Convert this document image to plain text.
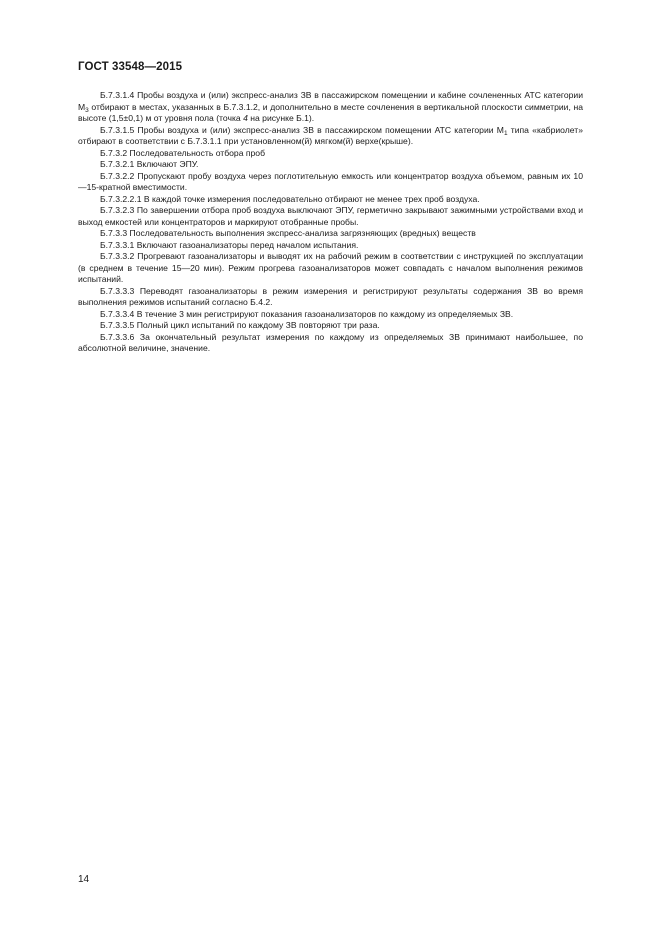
ГОСТ 33548—2015

Б.7.3.1.4 Пробы воздуха и (или) экспресс-анализ ЗВ в пассажирском помещении и кабине сочлененных АТС категории $М_3$ отбирают в местах, указанных в Б.7.3.1.2, и дополнительно в месте сочленения в вертикальной плоскости симметрии, на высоте (1,5±0,1) м от уровня пола (точка 4 на рисунке Б.1).

Б.7.3.1.5 Пробы воздуха и (или) экспресс-анализ ЗВ в пассажирском помещении АТС категории $М_1$ типа «кабриолет» отбирают в соответствии с Б.7.3.1.1 при установленном(й) мягком(й) верхе(крыше).

Б.7.3.2 Последовательность отбора проб

Б.7.3.2.1 Включают ЭПУ.

Б.7.3.2.2 Пропускают пробу воздуха через поглотительную емкость или концентратор воздуха объемом, равным их 10—15-кратной вместимости.

Б.7.3.2.2.1 В каждой точке измерения последовательно отбирают не менее трех проб воздуха.

Б.7.3.2.3 По завершении отбора проб воздуха выключают ЭПУ, герметично закрывают зажимными устройствами вход и выход емкостей или концентраторов и маркируют отобранные пробы.

Б.7.3.3 Последовательность выполнения экспресс-анализа загрязняющих (вредных) веществ

Б.7.3.3.1 Включают газоанализаторы перед началом испытания.

Б.7.3.3.2 Прогревают газоанализаторы и выводят их на рабочий режим в соответствии с инструкцией по эксплуатации (в среднем в течение 15—20 мин). Режим прогрева газоанализаторов может совпадать с началом выполнения режимов испытаний.

Б.7.3.3.3 Переводят газоанализаторы в режим измерения и регистрируют результаты содержания ЗВ во время выполнения режимов испытаний согласно Б.4.2.

Б.7.3.3.4 В течение 3 мин регистрируют показания газоанализаторов по каждому из определяемых ЗВ.

Б.7.3.3.5 Полный цикл испытаний по каждому ЗВ повторяют три раза.

Б.7.3.3.6 За окончательный результат измерения по каждому из определяемых ЗВ принимают наибольшее, по абсолютной величине, значение.

14
